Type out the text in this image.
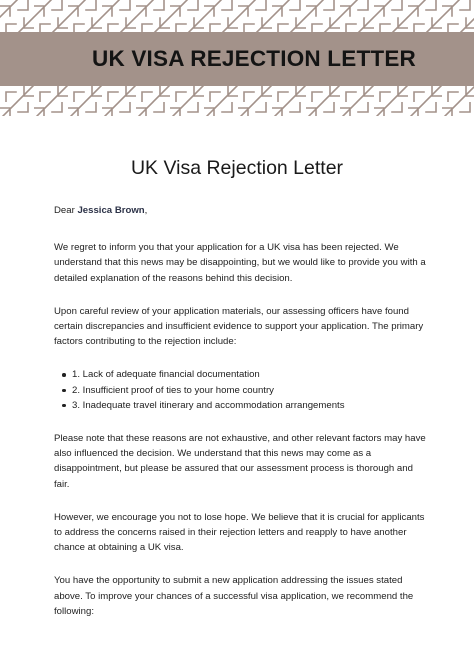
UK VISA REJECTION LETTER
UK Visa Rejection Letter

Dear Jessica Brown,

We regret to inform you that your application for a UK visa has been rejected. We understand that this news may be disappointing, but we would like to provide you with a detailed explanation of the reasons behind this decision.

Upon careful review of your application materials, our assessing officers have found certain discrepancies and insufficient evidence to support your application. The primary factors contributing to the rejection include:

1. Lack of adequate financial documentation
2. Insufficient proof of ties to your home country
3. Inadequate travel itinerary and accommodation arrangements

Please note that these reasons are not exhaustive, and other relevant factors may have also influenced the decision. We understand that this news may come as a disappointment, but please be assured that our assessment process is thorough and fair.

However, we encourage you not to lose hope. We believe that it is crucial for applicants to address the concerns raised in their rejection letters and reapply to have another chance at obtaining a UK visa.

You have the opportunity to submit a new application addressing the issues stated above. To improve your chances of a successful visa application, we recommend the following:
